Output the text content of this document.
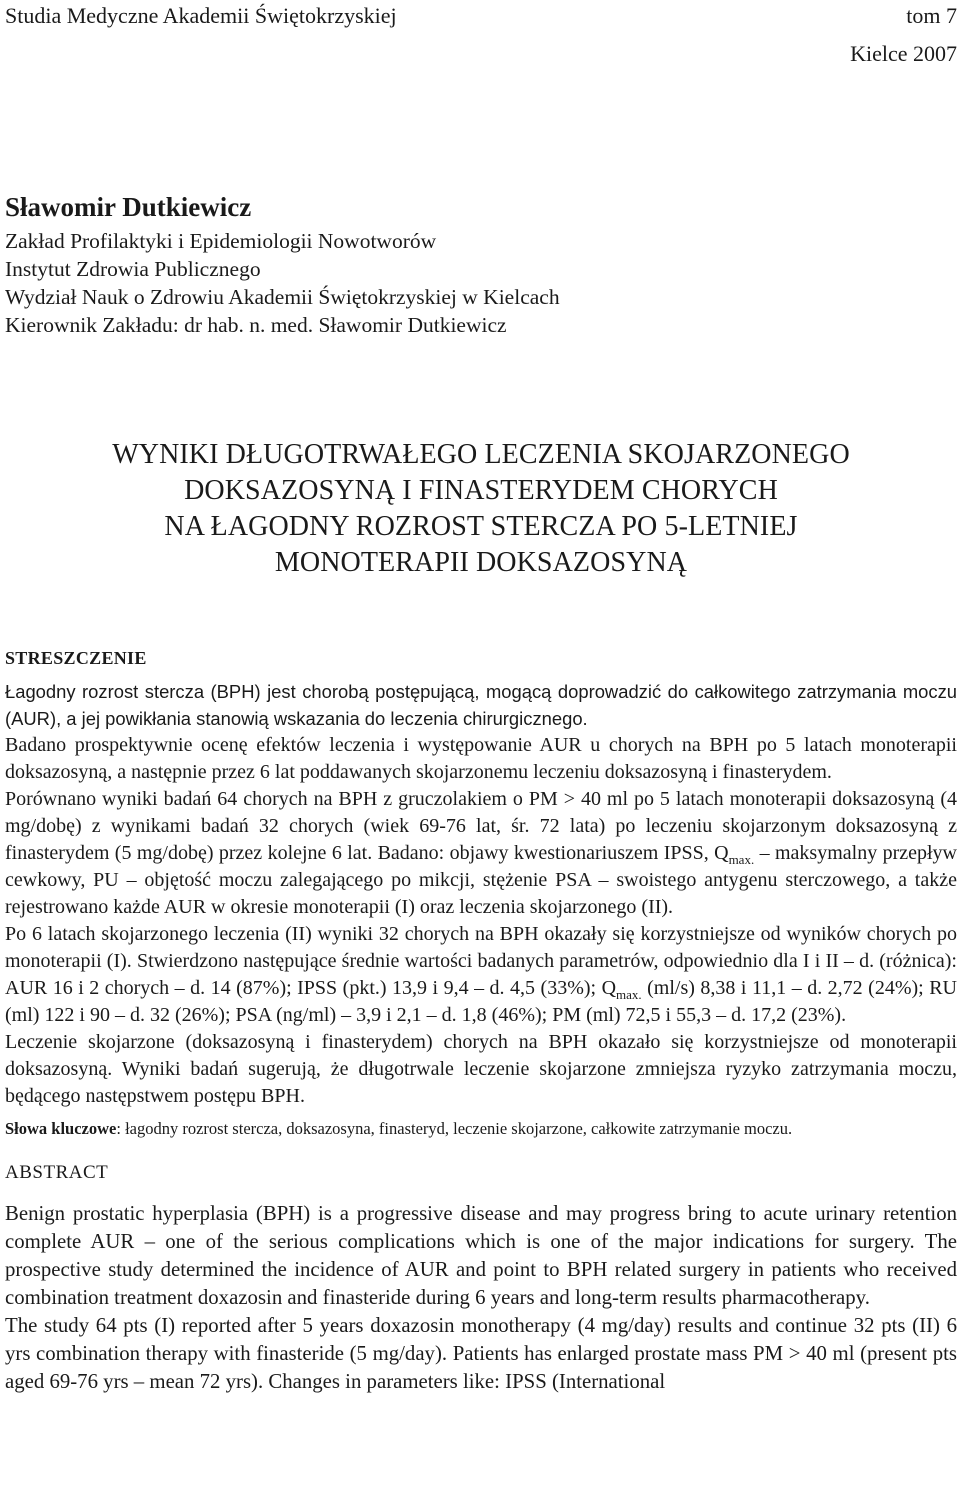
Studia Medyczne Akademii Świętokrzyskiej	tom 7
Kielce 2007
Sławomir Dutkiewicz
Zakład Profilaktyki i Epidemiologii Nowotworów
Instytut Zdrowia Publicznego
Wydział Nauk o Zdrowiu Akademii Świętokrzyskiej w Kielcach
Kierownik Zakładu: dr hab. n. med. Sławomir Dutkiewicz
WYNIKI DŁUGOTRWAŁEGO LECZENIA SKOJARZONEGO
DOKSAZOSYNĄ I FINASTERYDEM CHORYCH
NA ŁAGODNY ROZROST STERCZA PO 5-LETNIEJ
MONOTERAPII DOKSAZOSYNĄ
STRESZCZENIE

Łagodny rozrost stercza (BPH) jest chorobą postępującą, mogącą doprowadzić do całkowitego zatrzymania moczu (AUR), a jej powikłania stanowią wskazania do leczenia chirurgicznego.

Badano prospektywnie ocenę efektów leczenia i występowanie AUR u chorych na BPH po 5 latach monoterapii doksazosyną, a następnie przez 6 lat poddawanych skojarzonemu leczeniu doksazosyną i finasterydem.

Porównano wyniki badań 64 chorych na BPH z gruczolakiem o PM > 40 ml po 5 latach monoterapii doksazosyną (4 mg/dobę) z wynikami badań 32 chorych (wiek 69-76 lat, śr. 72 lata) po leczeniu skojarzonym doksazosyną z finasterydem (5 mg/dobę) przez kolejne 6 lat. Badano: objawy kwestionariuszem IPSS, $Q_{max.}$ – maksymalny przepływ cewkowy, PU – objętość moczu zalegającego po mikcji, stężenie PSA – swoistego antygenu sterczowego, a także rejestrowano każde AUR w okresie monoterapii (I) oraz leczenia skojarzonego (II).

Po 6 latach skojarzonego leczenia (II) wyniki 32 chorych na BPH okazały się korzystniejsze od wyników chorych po monoterapii (I). Stwierdzono następujące średnie wartości badanych parametrów, odpowiednio dla I i II – d. (różnica): AUR 16 i 2 chorych – d. 14 (87%); IPSS (pkt.) 13,9 i 9,4 – d. 4,5 (33%); $Q_{max.}$ (ml/s) 8,38 i 11,1 – d. 2,72 (24%); RU (ml) 122 i 90 – d. 32 (26%); PSA (ng/ml) – 3,9 i 2,1 – d. 1,8 (46%); PM (ml) 72,5 i 55,3 – d. 17,2 (23%).

Leczenie skojarzone (doksazosyną i finasterydem) chorych na BPH okazało się korzystniejsze od monoterapii doksazosyną. Wyniki badań sugerują, że długotrwale leczenie skojarzone zmniejsza ryzyko zatrzymania moczu, będącego następstwem postępu BPH.

Słowa kluczowe: łagodny rozrost stercza, doksazosyna, finasteryd, leczenie skojarzone, całkowite zatrzymanie moczu.
ABSTRACT

Benign prostatic hyperplasia (BPH) is a progressive disease and may progress bring to acute urinary retention complete AUR – one of the serious complications which is one of the major indications for surgery. The prospective study determined the incidence of AUR and point to BPH related surgery in patients who received combination treatment doxazosin and finasteride during 6 years and long-term results pharmacotherapy.

The study 64 pts (I) reported after 5 years doxazosin monotherapy (4 mg/day) results and continue 32 pts (II) 6 yrs combination therapy with finasteride (5 mg/day). Patients has enlarged prostate mass PM > 40 ml (present pts aged 69-76 yrs – mean 72 yrs). Changes in parameters like: IPSS (International
